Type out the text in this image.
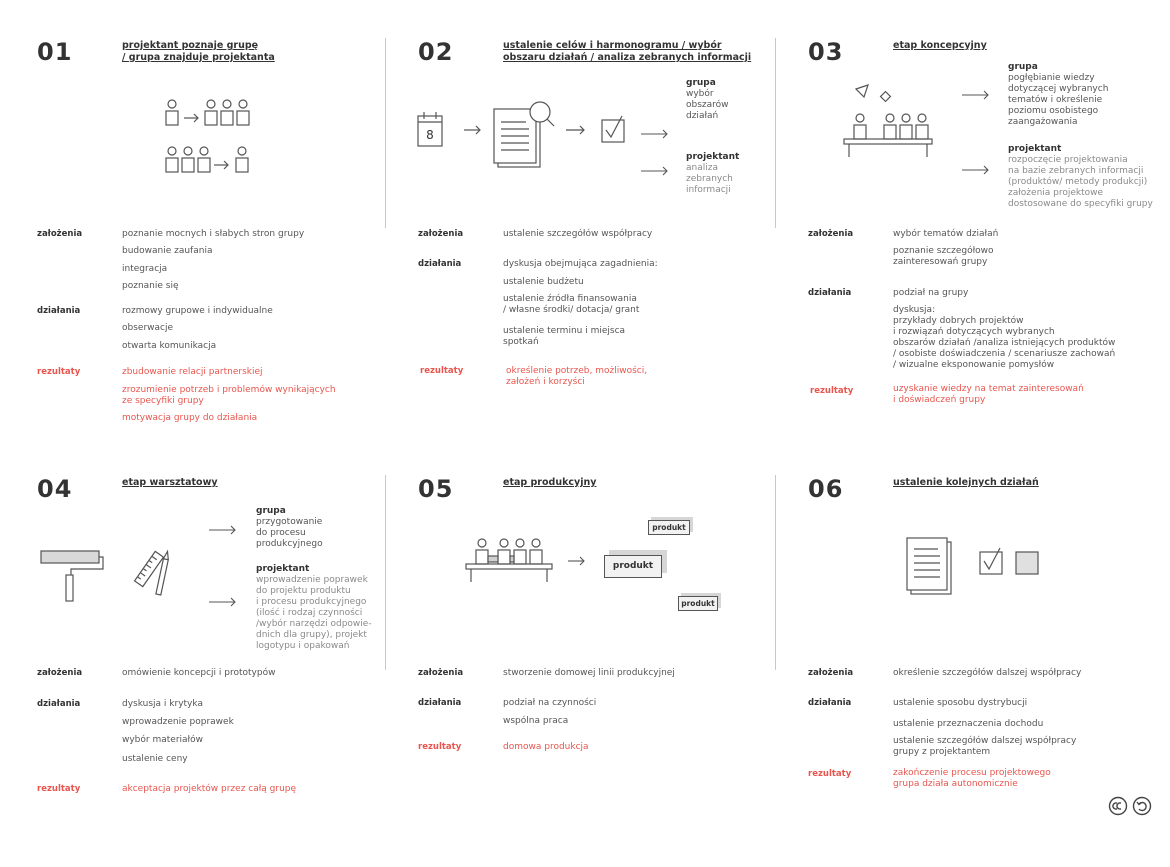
01	projektant poznaje grupę
/ grupa znajduje projektanta
założenia	poznanie mocnych i słabych stron grupy
budowanie zaufania
integracja
poznanie się
działania	rozmowy grupowe i indywidualne
obserwacje
otwarta komunikacja
rezultaty	zbudowanie relacji partnerskiej
zrozumienie potrzeb i problemów wynikających
ze specyfiki grupy
motywacja grupy do działania
02	ustalenie celów i harmonogramu / wybór
obszaru działań / analiza zebranych informacji
8
grupa
wybór
obszarów
działań
projektant
analiza
zebranych
informacji
założenia	ustalenie szczegółów współpracy
działania	dyskusja obejmująca zagadnienia:
ustalenie budżetu
ustalenie źródła finansowania
/ własne środki/ dotacja/ grant
ustalenie terminu i miejsca
spotkań
rezultaty	określenie potrzeb, możliwości,
założeń i korzyści
03	etap koncepcyjny
grupa
pogłębianie wiedzy
dotyczącej wybranych
tematów i określenie
poziomu osobistego
zaangażowania
projektant
rozpoczęcie projektowania
na bazie zebranych informacji
(produktów/ metody produkcji)
założenia projektowe
dostosowane do specyfiki grupy
założenia	wybór tematów działań
poznanie szczegółowo
zainteresowań grupy
działania	podział na grupy
dyskusja:
przykłady dobrych projektów
i rozwiązań dotyczących wybranych
obszarów działań /analiza istniejących produktów
/ osobiste doświadczenia / scenariusze zachowań
/ wizualne eksponowanie pomysłów
rezultaty	uzyskanie wiedzy na temat zainteresowań
i doświadczeń grupy
04	etap warsztatowy
grupa
przygotowanie
do procesu
produkcyjnego
projektant
wprowadzenie poprawek
do projektu produktu
i procesu produkcyjnego
(ilość i rodzaj czynności
/wybór narzędzi odpowie-
dnich dla grupy), projekt
logotypu i opakowań
założenia	omówienie koncepcji i prototypów
działania	dyskusja i krytyka
wprowadzenie poprawek
wybór materiałów
ustalenie ceny
rezultaty	akceptacja projektów przez całą grupę
05	etap produkcyjny
produkt
produkt
produkt
założenia	stworzenie domowej linii produkcyjnej
działania	podział na czynności
wspólna praca
rezultaty	domowa produkcja
06	ustalenie kolejnych działań
założenia	określenie szczegółów dalszej współpracy
działania	ustalenie sposobu dystrybucji
ustalenie przeznaczenia dochodu
ustalenie szczegółów dalszej współpracy
grupy z projektantem
rezultaty	zakończenie procesu projektowego
grupa działa autonomicznie
